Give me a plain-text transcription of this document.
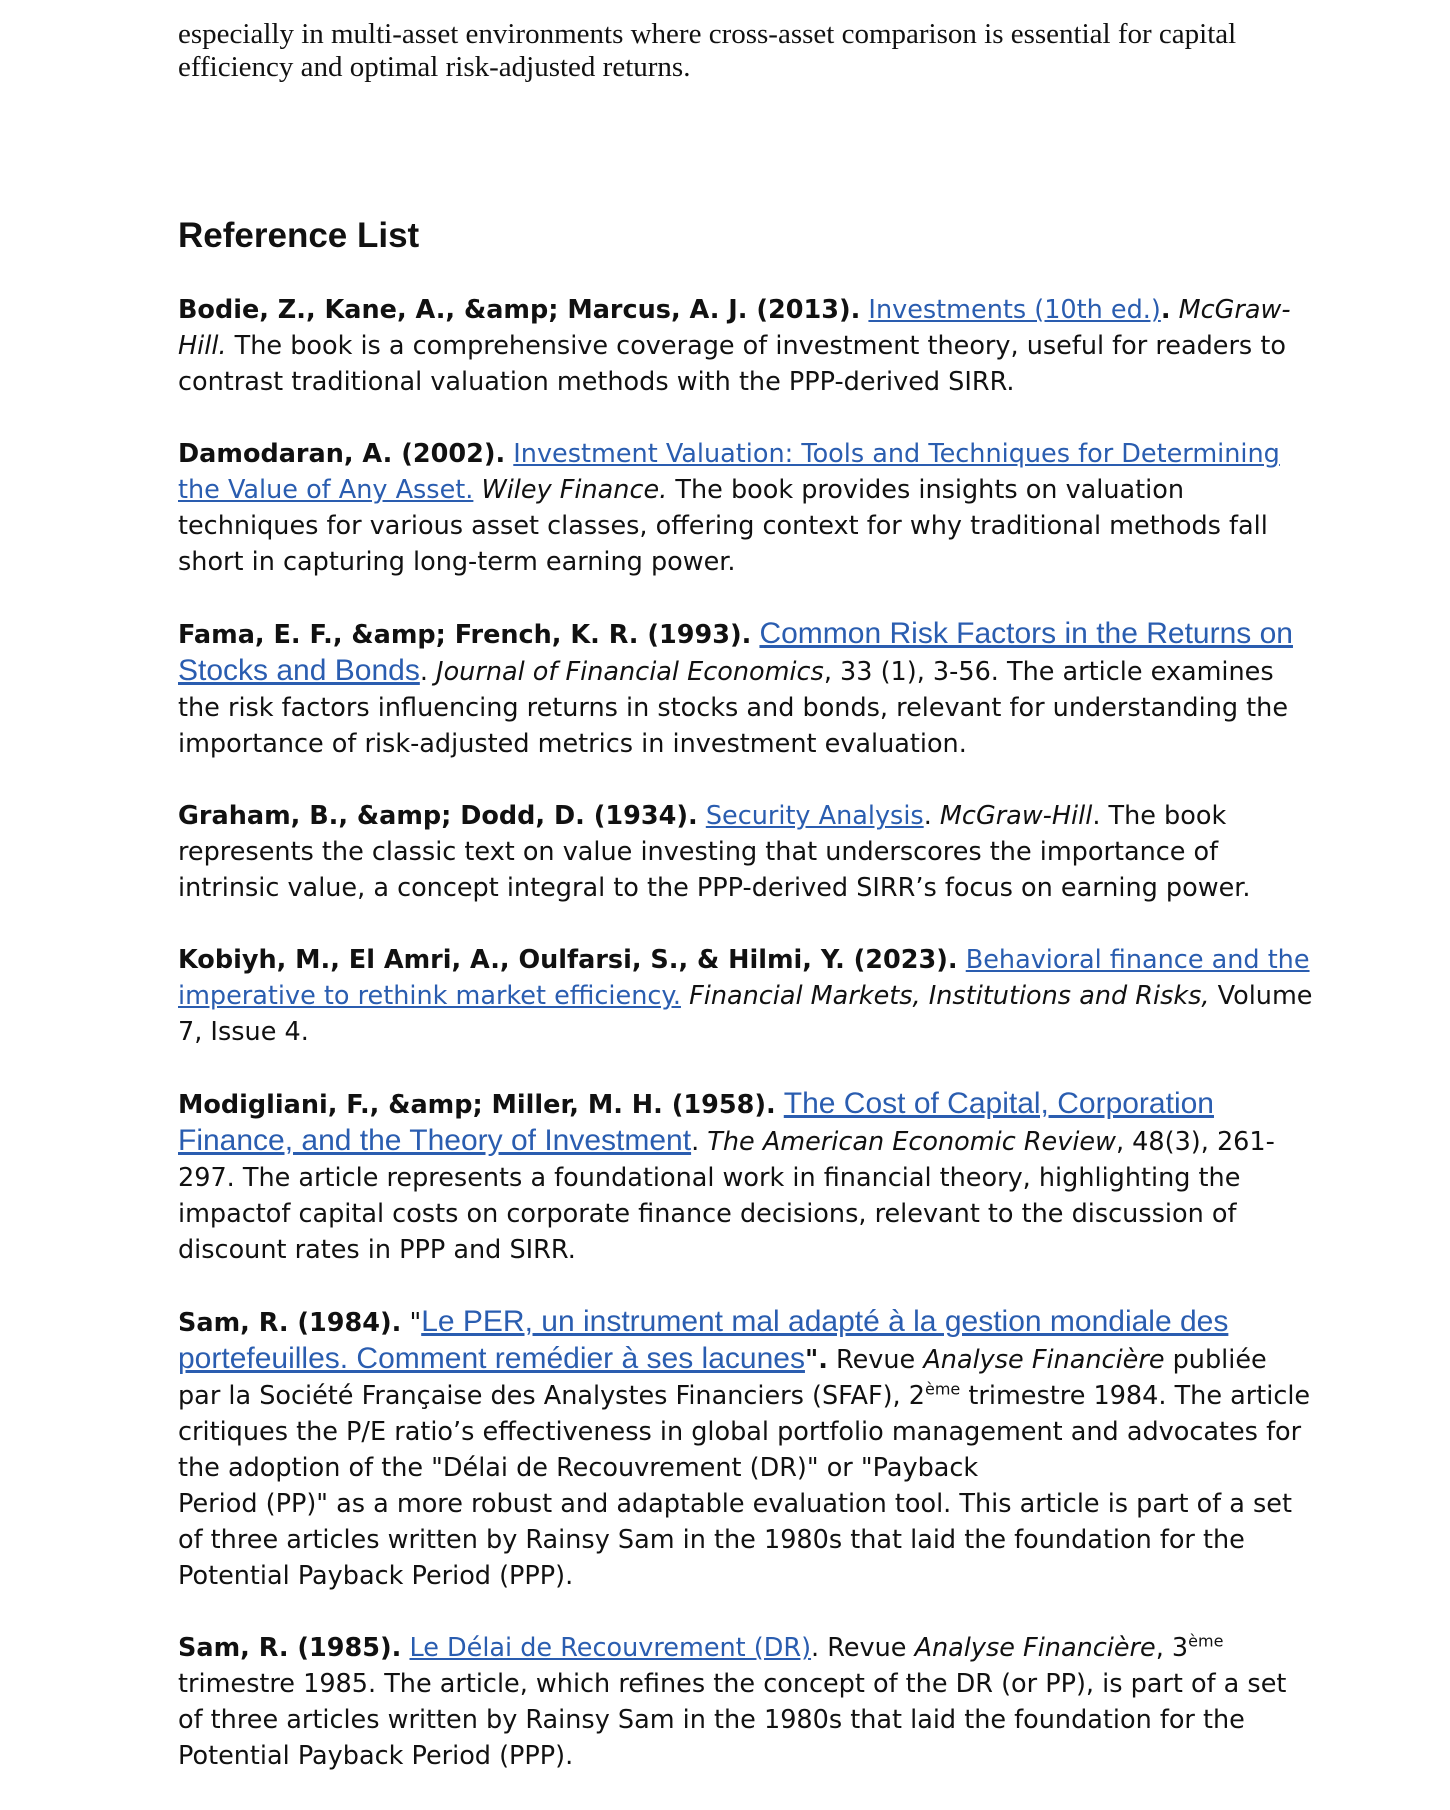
especially in multi-asset environments where cross-asset comparison is essential for capital
efficiency and optimal risk-adjusted returns.

Reference List

Bodie, Z., Kane, A., &amp; Marcus, A. J. (2013). Investments (10th ed.). McGraw-Hill. The book is a comprehensive coverage of investment theory, useful for readers to contrast traditional valuation methods with the PPP-derived SIRR.

Damodaran, A. (2002). Investment Valuation: Tools and Techniques for Determining the Value of Any Asset. Wiley Finance. The book provides insights on valuation techniques for various asset classes, offering context for why traditional methods fall short in capturing long-term earning power.

Fama, E. F., &amp; French, K. R. (1993). Common Risk Factors in the Returns on Stocks and Bonds. Journal of Financial Economics, 33 (1), 3-56. The article examines the risk factors influencing returns in stocks and bonds, relevant for understanding the importance of risk-adjusted metrics in investment evaluation.

Graham, B., &amp; Dodd, D. (1934). Security Analysis. McGraw-Hill. The book represents the classic text on value investing that underscores the importance of intrinsic value, a concept integral to the PPP-derived SIRR’s focus on earning power.

Kobiyh, M., El Amri, A., Oulfarsi, S., & Hilmi, Y. (2023). Behavioral finance and the imperative to rethink market efficiency. Financial Markets, Institutions and Risks, Volume 7, Issue 4.

Modigliani, F., &amp; Miller, M. H. (1958). The Cost of Capital, Corporation Finance, and the Theory of Investment. The American Economic Review, 48(3), 261-297. The article represents a foundational work in financial theory, highlighting the impactof capital costs on corporate finance decisions, relevant to the discussion of discount rates in PPP and SIRR.

Sam, R. (1984). "Le PER, un instrument mal adapté à la gestion mondiale des portefeuilles. Comment remédier à ses lacunes". Revue Analyse Financière publiée par la Société Française des Analystes Financiers (SFAF), 2ème trimestre 1984. The article critiques the P/E ratio’s effectiveness in global portfolio management and advocates for the adoption of the "Délai de Recouvrement (DR)" or "Payback
Period (PP)" as a more robust and adaptable evaluation tool. This article is part of a set of three articles written by Rainsy Sam in the 1980s that laid the foundation for the Potential Payback Period (PPP).

Sam, R. (1985). Le Délai de Recouvrement (DR). Revue Analyse Financière, 3ème trimestre 1985. The article, which refines the concept of the DR (or PP), is part of a set of three articles written by Rainsy Sam in the 1980s that laid the foundation for the Potential Payback Period (PPP).
